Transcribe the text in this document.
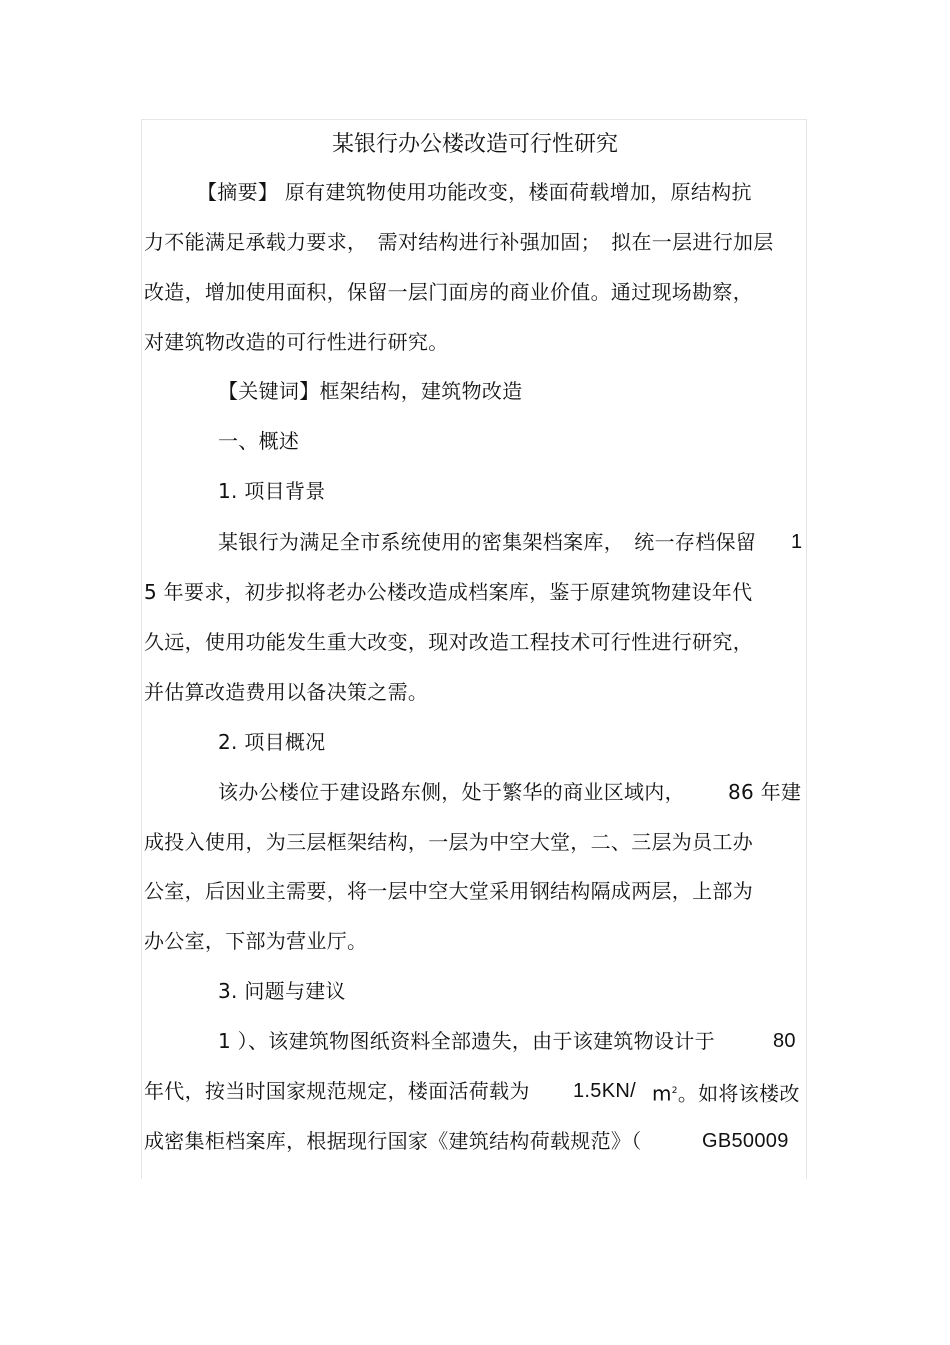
某银行办公楼改造可行性研究
【摘要】 原有建筑物使用功能改变，楼面荷载增加，原结构抗
力不能满足承载力要求，　需对结构进行补强加固；　拟在一层进行加层
改造，增加使用面积，保留一层门面房的商业价值。通过现场勘察，
对建筑物改造的可行性进行研究。
【关键词】框架结构，建筑物改造
一、概述
1. 项目背景
某银行为满足全市系统使用的密集架档案库，　统一存档保留 1
5 年要求，初步拟将老办公楼改造成档案库，鉴于原建筑物建设年代
久远，使用功能发生重大改变，现对改造工程技术可行性进行研究，
并估算改造费用以备决策之需。
2. 项目概况
该办公楼位于建设路东侧，处于繁华的商业区域内， 86 年建
成投入使用，为三层框架结构，一层为中空大堂，二、三层为员工办
公室，后因业主需要，将一层中空大堂采用钢结构隔成两层，上部为
办公室，下部为营业厅。
3. 问题与建议
1 ）、该建筑物图纸资料全部遗失，由于该建筑物设计于	80
年代，按当时国家规范规定，楼面活荷载为 1.5KN/ $m^2$。如将该楼改
成密集柜档案库，根据现行国家《建筑结构荷载规范》（	GB50009
